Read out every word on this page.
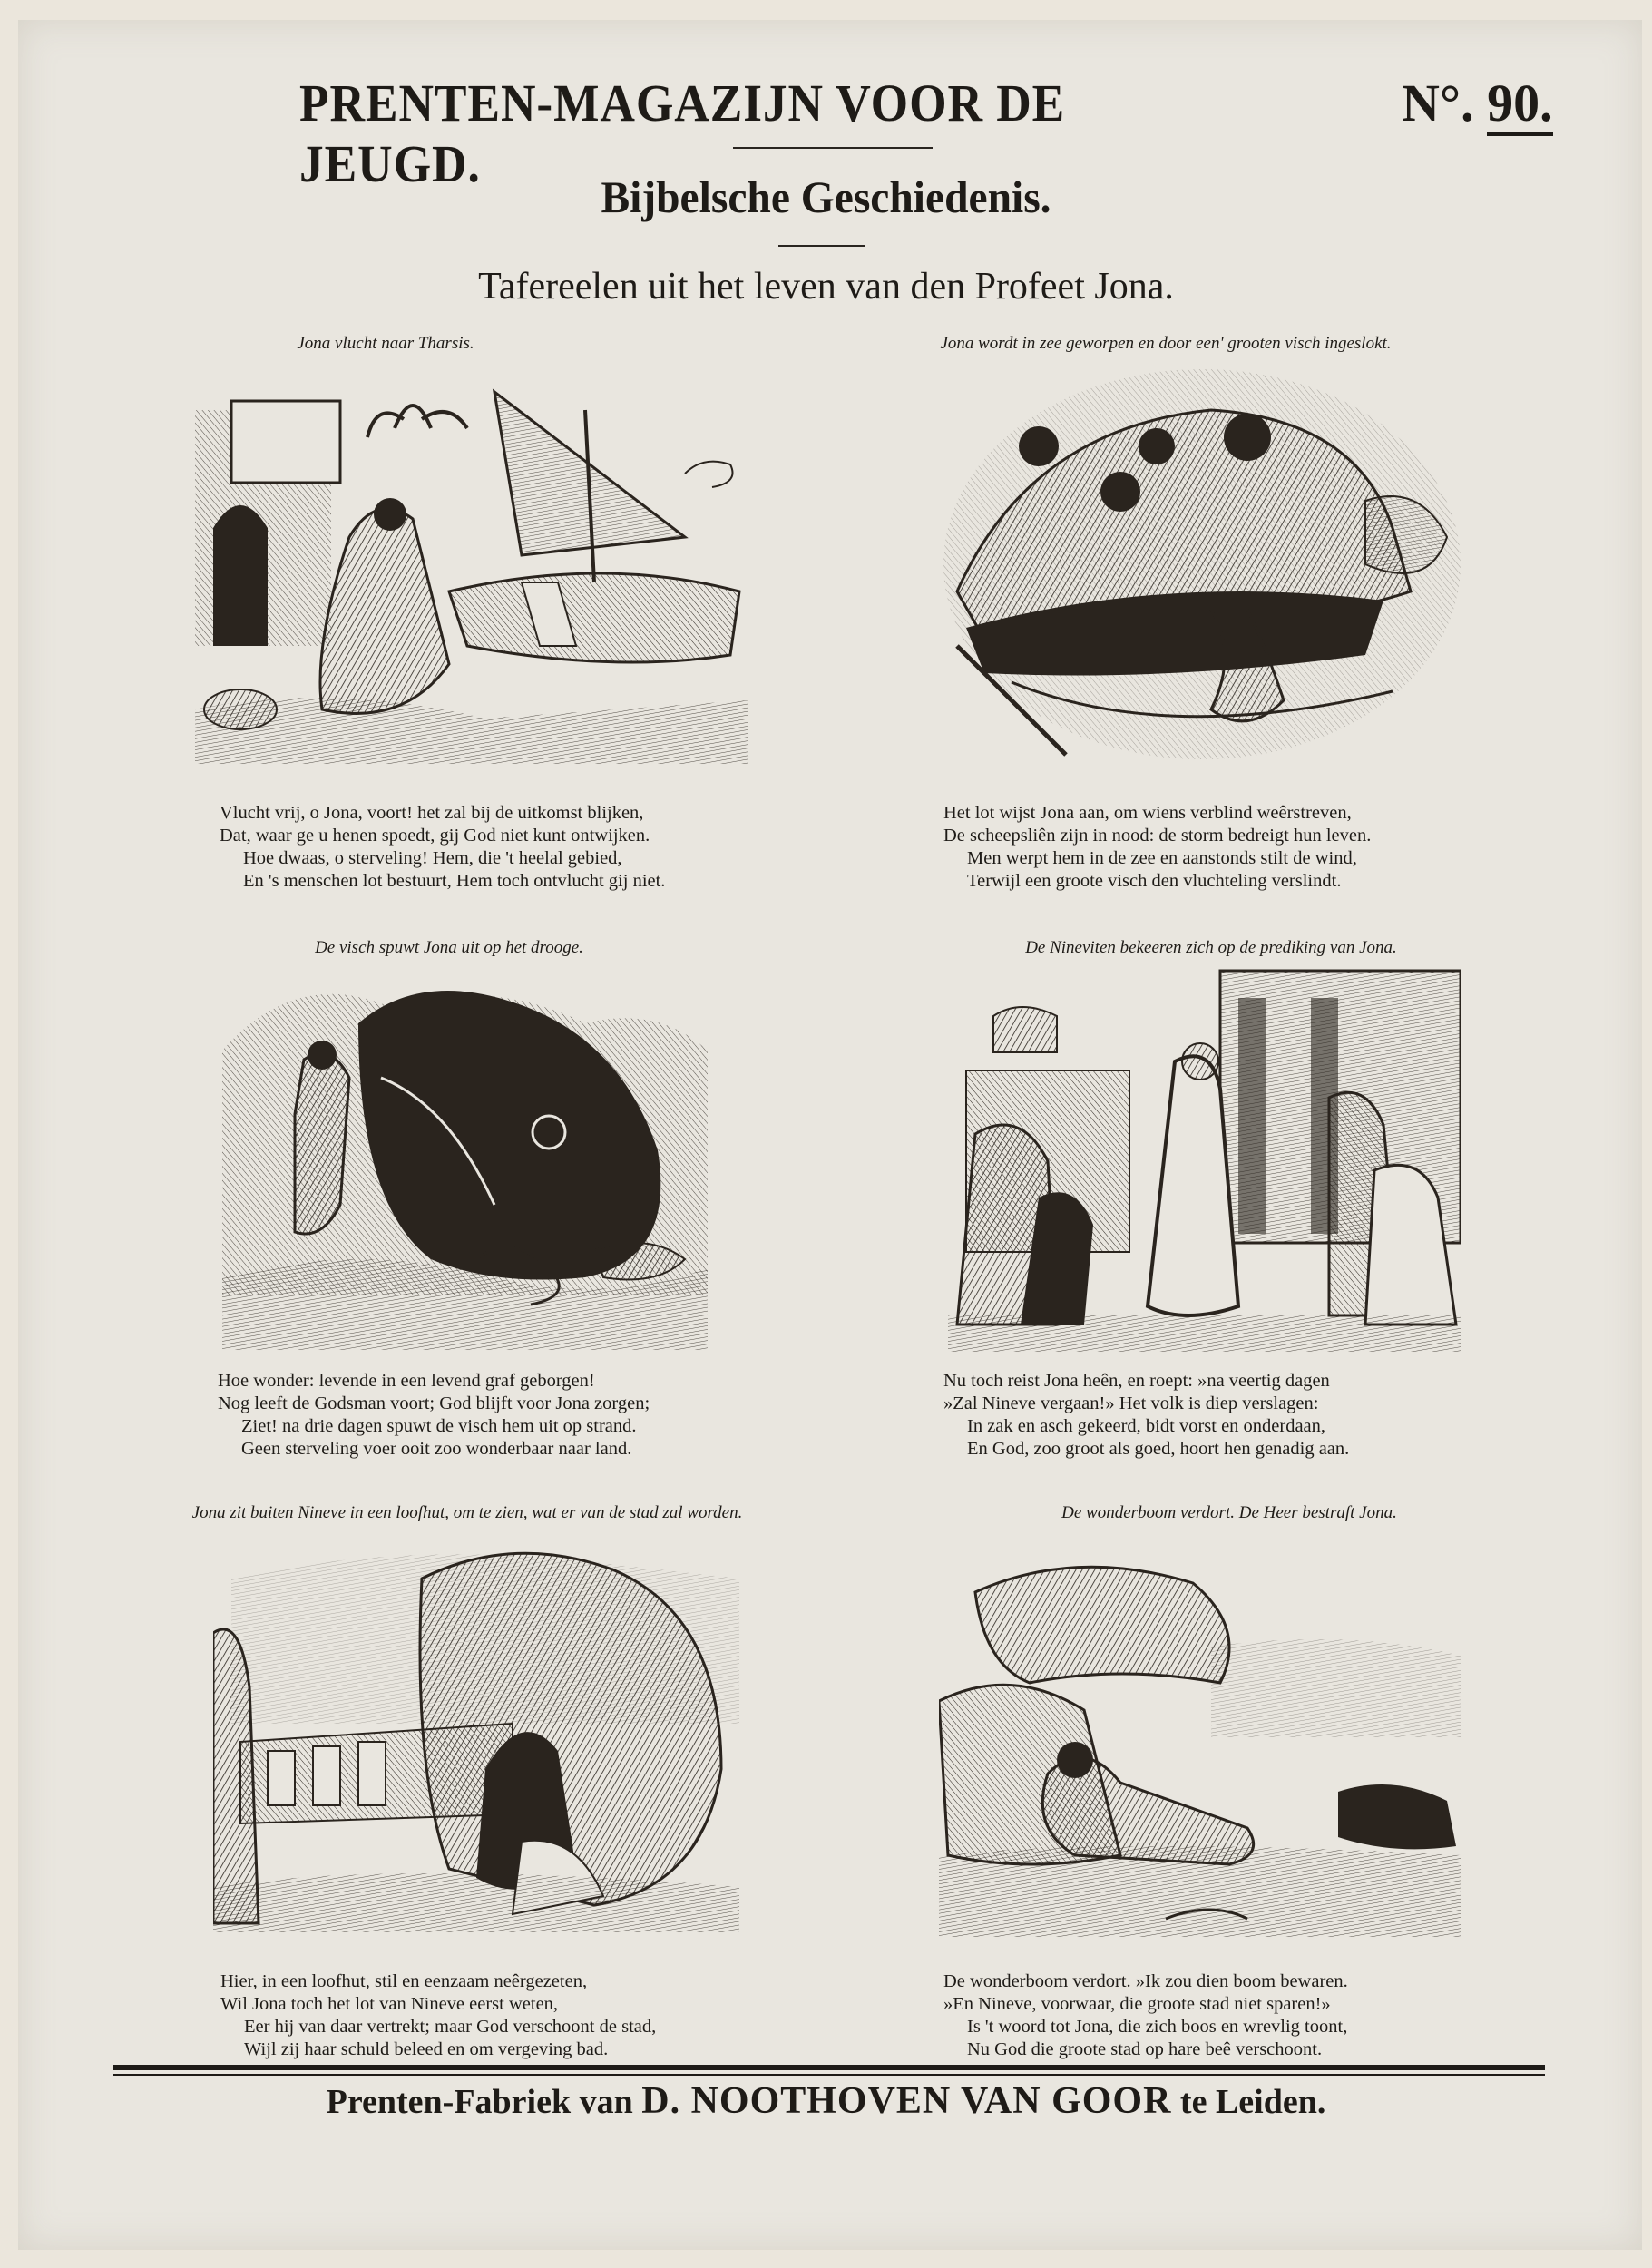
PRENTEN-MAGAZIJN VOOR DE JEUGD.
N°. 90.
Bijbelsche Geschiedenis.
Tafereelen uit het leven van den Profeet Jona.
Jona vlucht naar Tharsis.
Vlucht vrij, o Jona, voort! het zal bij de uitkomst blijken,
Dat, waar ge u henen spoedt, gij God niet kunt ontwijken.
Hoe dwaas, o sterveling! Hem, die 't heelal gebied,
En 's menschen lot bestuurt, Hem toch ontvlucht gij niet.
Jona wordt in zee geworpen en door een' grooten visch ingeslokt.
Het lot wijst Jona aan, om wiens verblind weêrstreven,
De scheepsliên zijn in nood: de storm bedreigt hun leven.
Men werpt hem in de zee en aanstonds stilt de wind,
Terwijl een groote visch den vluchteling verslindt.
De visch spuwt Jona uit op het drooge.
Hoe wonder: levende in een levend graf geborgen!
Nog leeft de Godsman voort; God blijft voor Jona zorgen;
Ziet! na drie dagen spuwt de visch hem uit op strand.
Geen sterveling voer ooit zoo wonderbaar naar land.
De Nineviten bekeeren zich op de prediking van Jona.
Nu toch reist Jona heên, en roept: »na veertig dagen
»Zal Nineve vergaan!» Het volk is diep verslagen:
In zak en asch gekeerd, bidt vorst en onderdaan,
En God, zoo groot als goed, hoort hen genadig aan.
Jona zit buiten Nineve in een loofhut, om te zien, wat er van de stad zal worden.
Hier, in een loofhut, stil en eenzaam neêrgezeten,
Wil Jona toch het lot van Nineve eerst weten,
Eer hij van daar vertrekt; maar God verschoont de stad,
Wijl zij haar schuld beleed en om vergeving bad.
De wonderboom verdort. De Heer bestraft Jona.
De wonderboom verdort. »Ik zou dien boom bewaren.
»En Nineve, voorwaar, die groote stad niet sparen!»
Is 't woord tot Jona, die zich boos en wrevlig toont,
Nu God die groote stad op hare beê verschoont.
Prenten-Fabriek van D. NOOTHOVEN VAN GOOR te Leiden.
